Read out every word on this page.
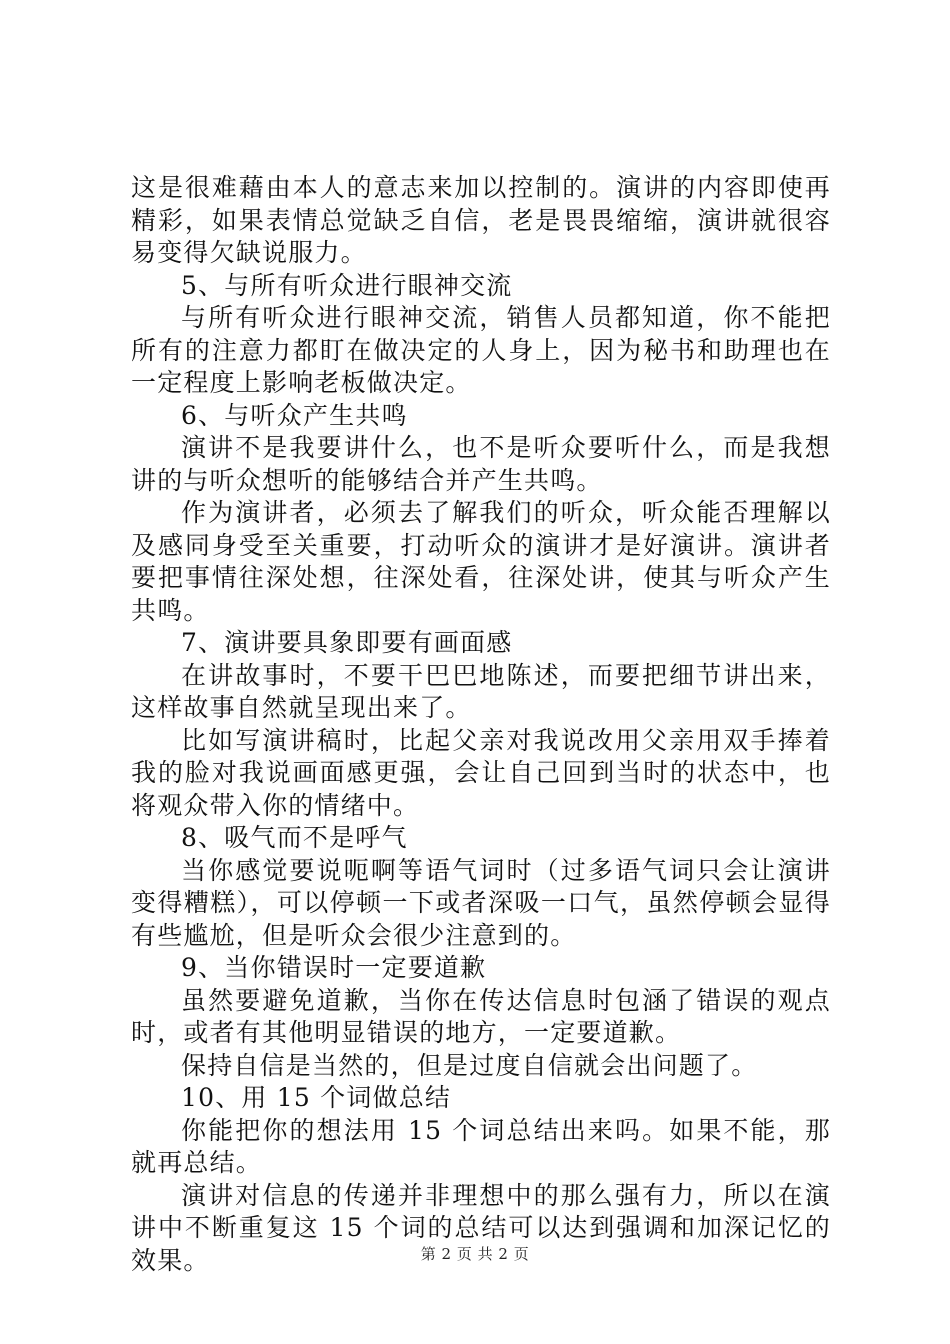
这是很难藉由本人的意志来加以控制的。演讲的内容即使再精彩，如果表情总觉缺乏自信，老是畏畏缩缩，演讲就很容易变得欠缺说服力。

5、与所有听众进行眼神交流

与所有听众进行眼神交流，销售人员都知道，你不能把所有的注意力都盯在做决定的人身上，因为秘书和助理也在一定程度上影响老板做决定。

6、与听众产生共鸣

演讲不是我要讲什么，也不是听众要听什么，而是我想讲的与听众想听的能够结合并产生共鸣。

作为演讲者，必须去了解我们的听众，听众能否理解以及感同身受至关重要，打动听众的演讲才是好演讲。演讲者要把事情往深处想，往深处看，往深处讲，使其与听众产生共鸣。

7、演讲要具象即要有画面感

在讲故事时，不要干巴巴地陈述，而要把细节讲出来，这样故事自然就呈现出来了。

比如写演讲稿时，比起父亲对我说改用父亲用双手捧着我的脸对我说画面感更强，会让自己回到当时的状态中，也将观众带入你的情绪中。

8、吸气而不是呼气

当你感觉要说呃啊等语气词时（过多语气词只会让演讲变得糟糕），可以停顿一下或者深吸一口气，虽然停顿会显得有些尴尬，但是听众会很少注意到的。

9、当你错误时一定要道歉

虽然要避免道歉，当你在传达信息时包涵了错误的观点时，或者有其他明显错误的地方，一定要道歉。

保持自信是当然的，但是过度自信就会出问题了。

10、用 15 个词做总结

你能把你的想法用 15 个词总结出来吗。如果不能，那就再总结。

演讲对信息的传递并非理想中的那么强有力，所以在演讲中不断重复这 15 个词的总结可以达到强调和加深记忆的效果。	第 2 页 共 2 页
